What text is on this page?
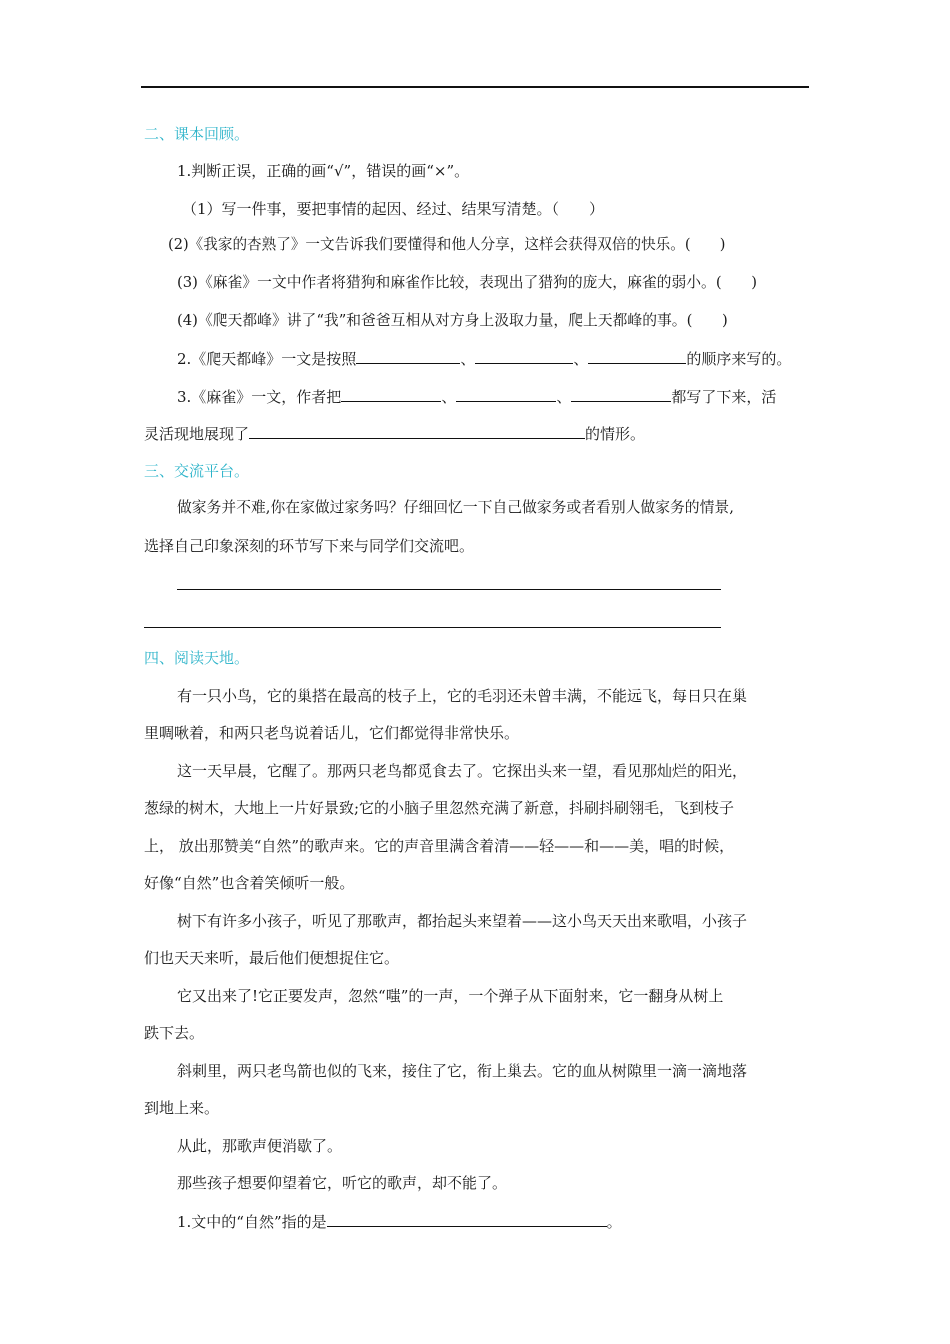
二、课本回顾。
1.判断正误，正确的画“√”，错误的画“×”。
（1）写一件事，要把事情的起因、经过、结果写清楚。（　　）
(2)《我家的杏熟了》一文告诉我们要懂得和他人分享，这样会获得双倍的快乐。(　　)
(3)《麻雀》一文中作者将猎狗和麻雀作比较，表现出了猎狗的庞大，麻雀的弱小。(　　)
(4)《爬天都峰》讲了“我”和爸爸互相从对方身上汲取力量，爬上天都峰的事。(　　)
2.《爬天都峰》一文是按照	、	、	的顺序来写的。
3.《麻雀》一文，作者把	、	、	都写了下来，活
灵活现地展现了	的情形。
三、交流平台。
做家务并不难,你在家做过家务吗？仔细回忆一下自己做家务或者看别人做家务的情景,
选择自己印象深刻的环节写下来与同学们交流吧。
四、阅读天地。
有一只小鸟，它的巢搭在最高的枝子上，它的毛羽还未曾丰满，不能远飞，每日只在巢
里啁啾着，和两只老鸟说着话儿，它们都觉得非常快乐。
这一天早晨，它醒了。那两只老鸟都觅食去了。它探出头来一望，看见那灿烂的阳光，
葱绿的树木，大地上一片好景致;它的小脑子里忽然充满了新意，抖刷抖刷翎毛，飞到枝子
上， 放出那赞美“自然”的歌声来。它的声音里满含着清——轻——和——美，唱的时候，
好像“自然”也含着笑倾听一般。
树下有许多小孩子，听见了那歌声，都抬起头来望着——这小鸟天天出来歌唱，小孩子
们也天天来听，最后他们便想捉住它。
它又出来了!它正要发声，忽然“嗤”的一声，一个弹子从下面射来，它一翻身从树上
跌下去。
斜刺里，两只老鸟箭也似的飞来，接住了它，衔上巢去。它的血从树隙里一滴一滴地落
到地上来。
从此，那歌声便消歇了。
那些孩子想要仰望着它，听它的歌声，却不能了。
1.文中的“自然”指的是	。
